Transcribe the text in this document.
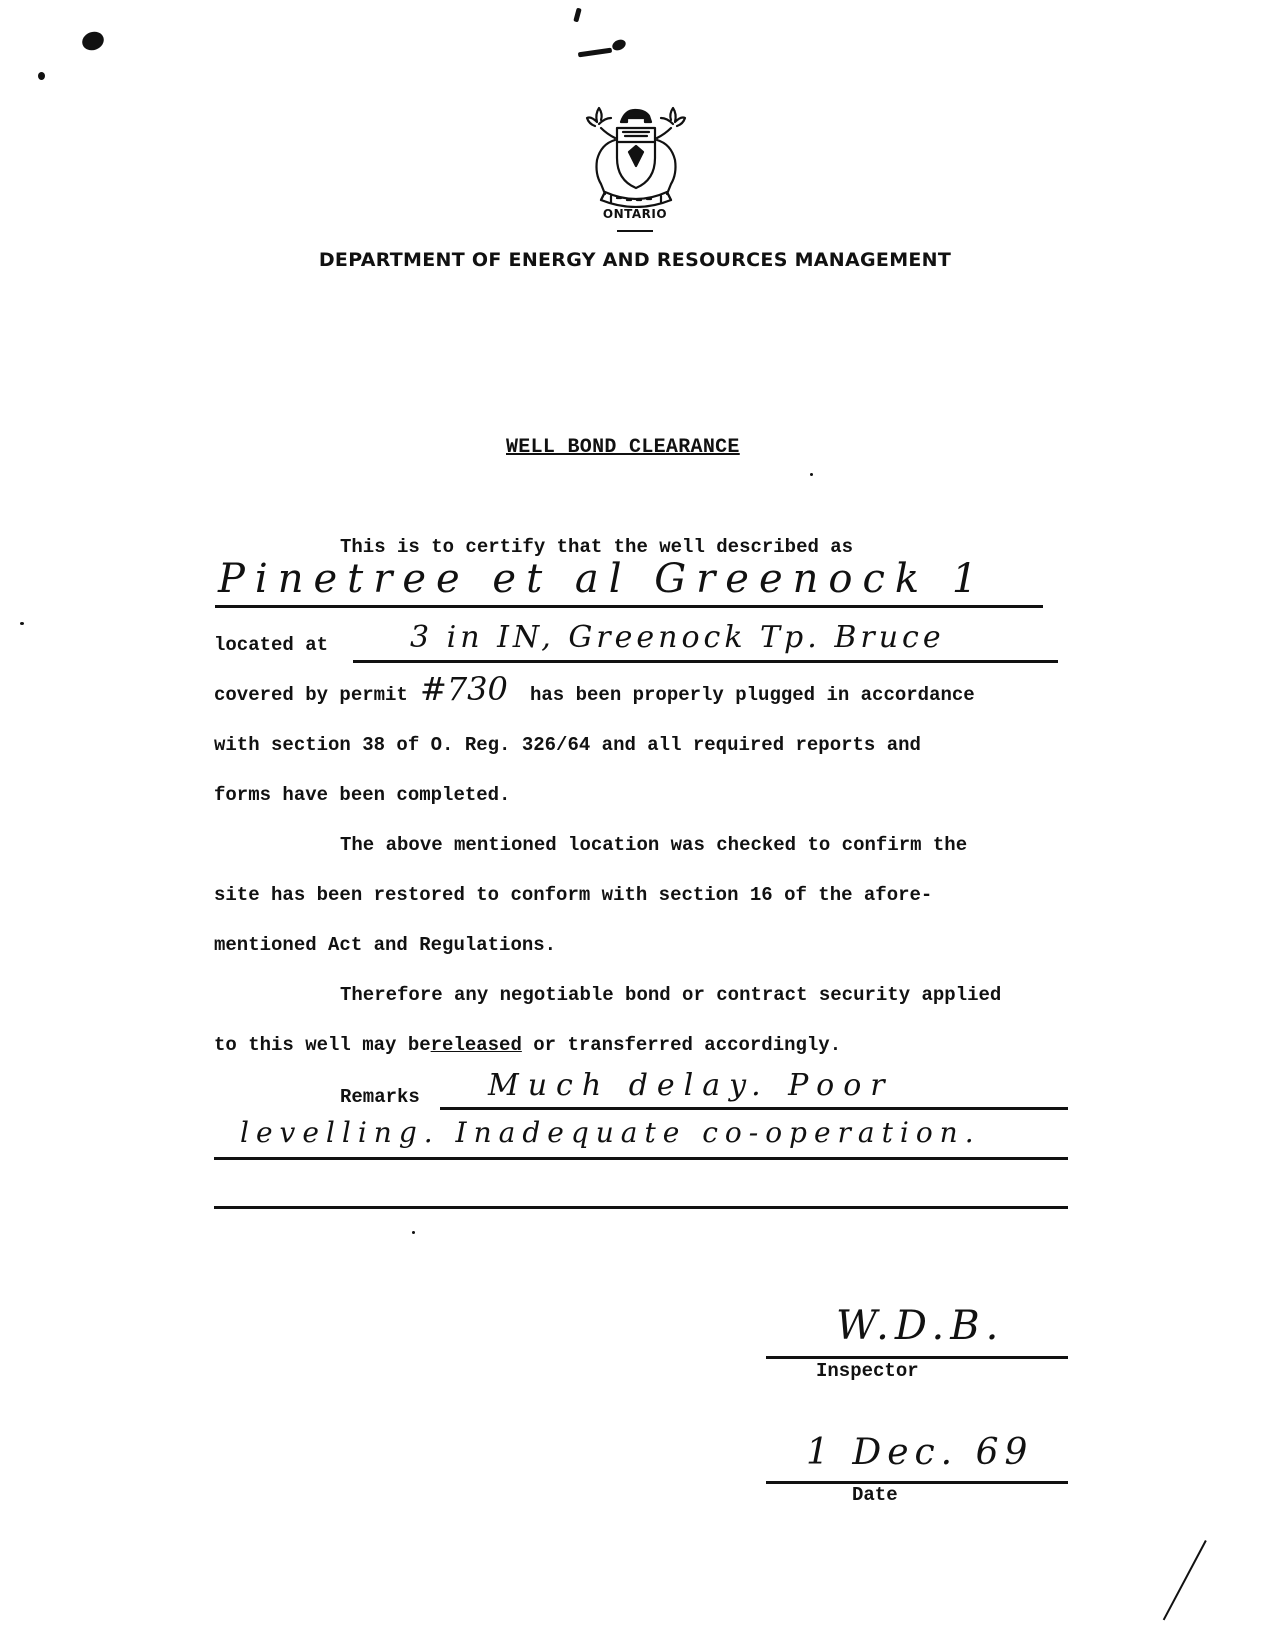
ONTARIO
DEPARTMENT OF ENERGY AND RESOURCES MANAGEMENT
WELL BOND CLEARANCE
This is to certify that the well described as
Pinetree et al Greenock 1
located at	3 in IN, Greenock Tp. Bruce
covered by permit #730 has been properly plugged in accordance
with section 38 of O. Reg. 326/64 and all required reports and
forms have been completed.
The above mentioned location was checked to confirm the
site has been restored to conform with section 16 of the afore-
mentioned Act and Regulations.
Therefore any negotiable bond or contract security applied
to this well may bereleased or transferred accordingly.
Remarks Much delay. Poor
levelling. Inadequate co-operation.
W.D.B.
Inspector
1 Dec. 69
Date
